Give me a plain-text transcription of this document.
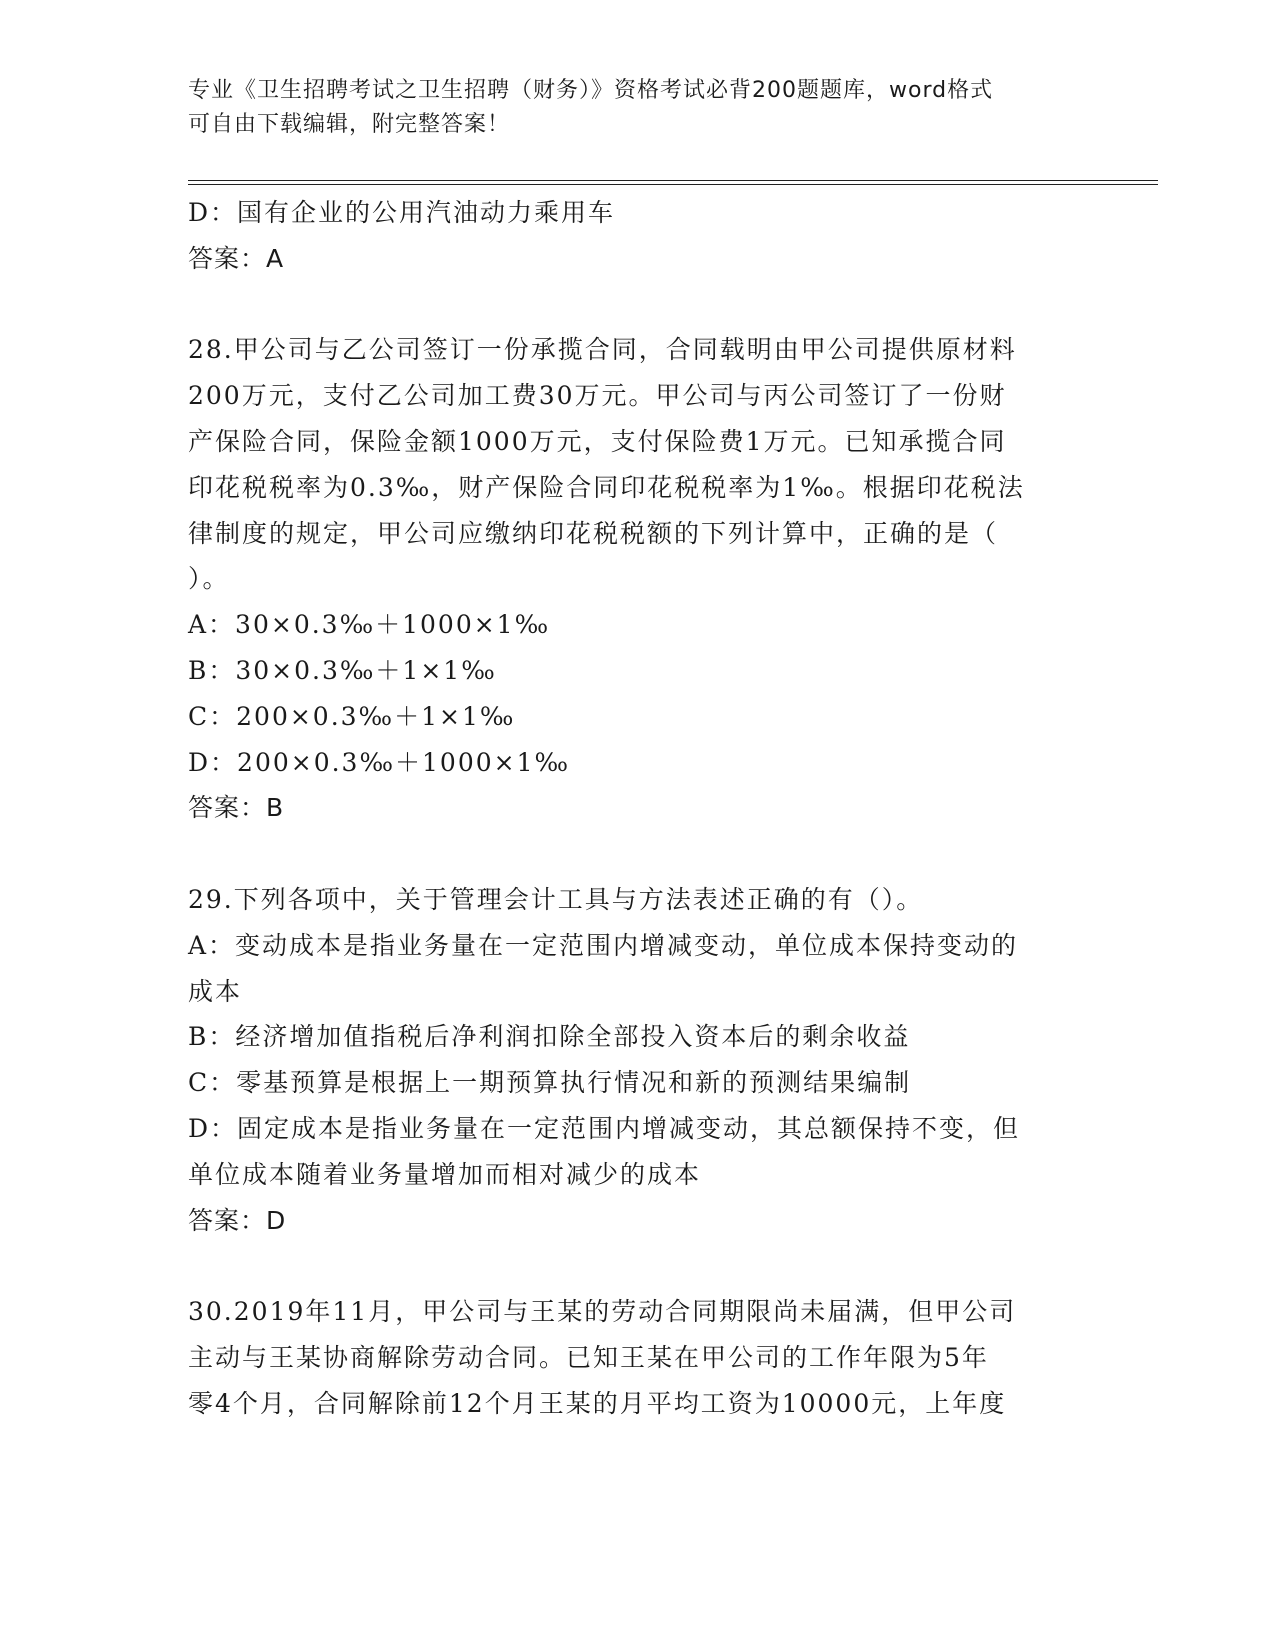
专业《卫生招聘考试之卫生招聘（财务）》资格考试必背200题题库，word格式
可自由下载编辑，附完整答案！
D：国有企业的公用汽油动力乘用车
答案：A
28.甲公司与乙公司签订一份承揽合同，合同载明由甲公司提供原材料
200万元，支付乙公司加工费30万元。甲公司与丙公司签订了一份财
产保险合同，保险金额1000万元，支付保险费1万元。已知承揽合同
印花税税率为0.3‰，财产保险合同印花税税率为1‰。根据印花税法
律制度的规定，甲公司应缴纳印花税税额的下列计算中，正确的是（
）。
A：30×0.3‰＋1000×1‰
B：30×0.3‰＋1×1‰
C：200×0.3‰＋1×1‰
D：200×0.3‰＋1000×1‰
答案：B
29.下列各项中，关于管理会计工具与方法表述正确的有（）。
A：变动成本是指业务量在一定范围内增减变动，单位成本保持变动的
成本
B：经济增加值指税后净利润扣除全部投入资本后的剩余收益
C：零基预算是根据上一期预算执行情况和新的预测结果编制
D：固定成本是指业务量在一定范围内增减变动，其总额保持不变，但
单位成本随着业务量增加而相对减少的成本
答案：D
30.2019年11月，甲公司与王某的劳动合同期限尚未届满，但甲公司
主动与王某协商解除劳动合同。已知王某在甲公司的工作年限为5年
零4个月，合同解除前12个月王某的月平均工资为10000元，上年度
